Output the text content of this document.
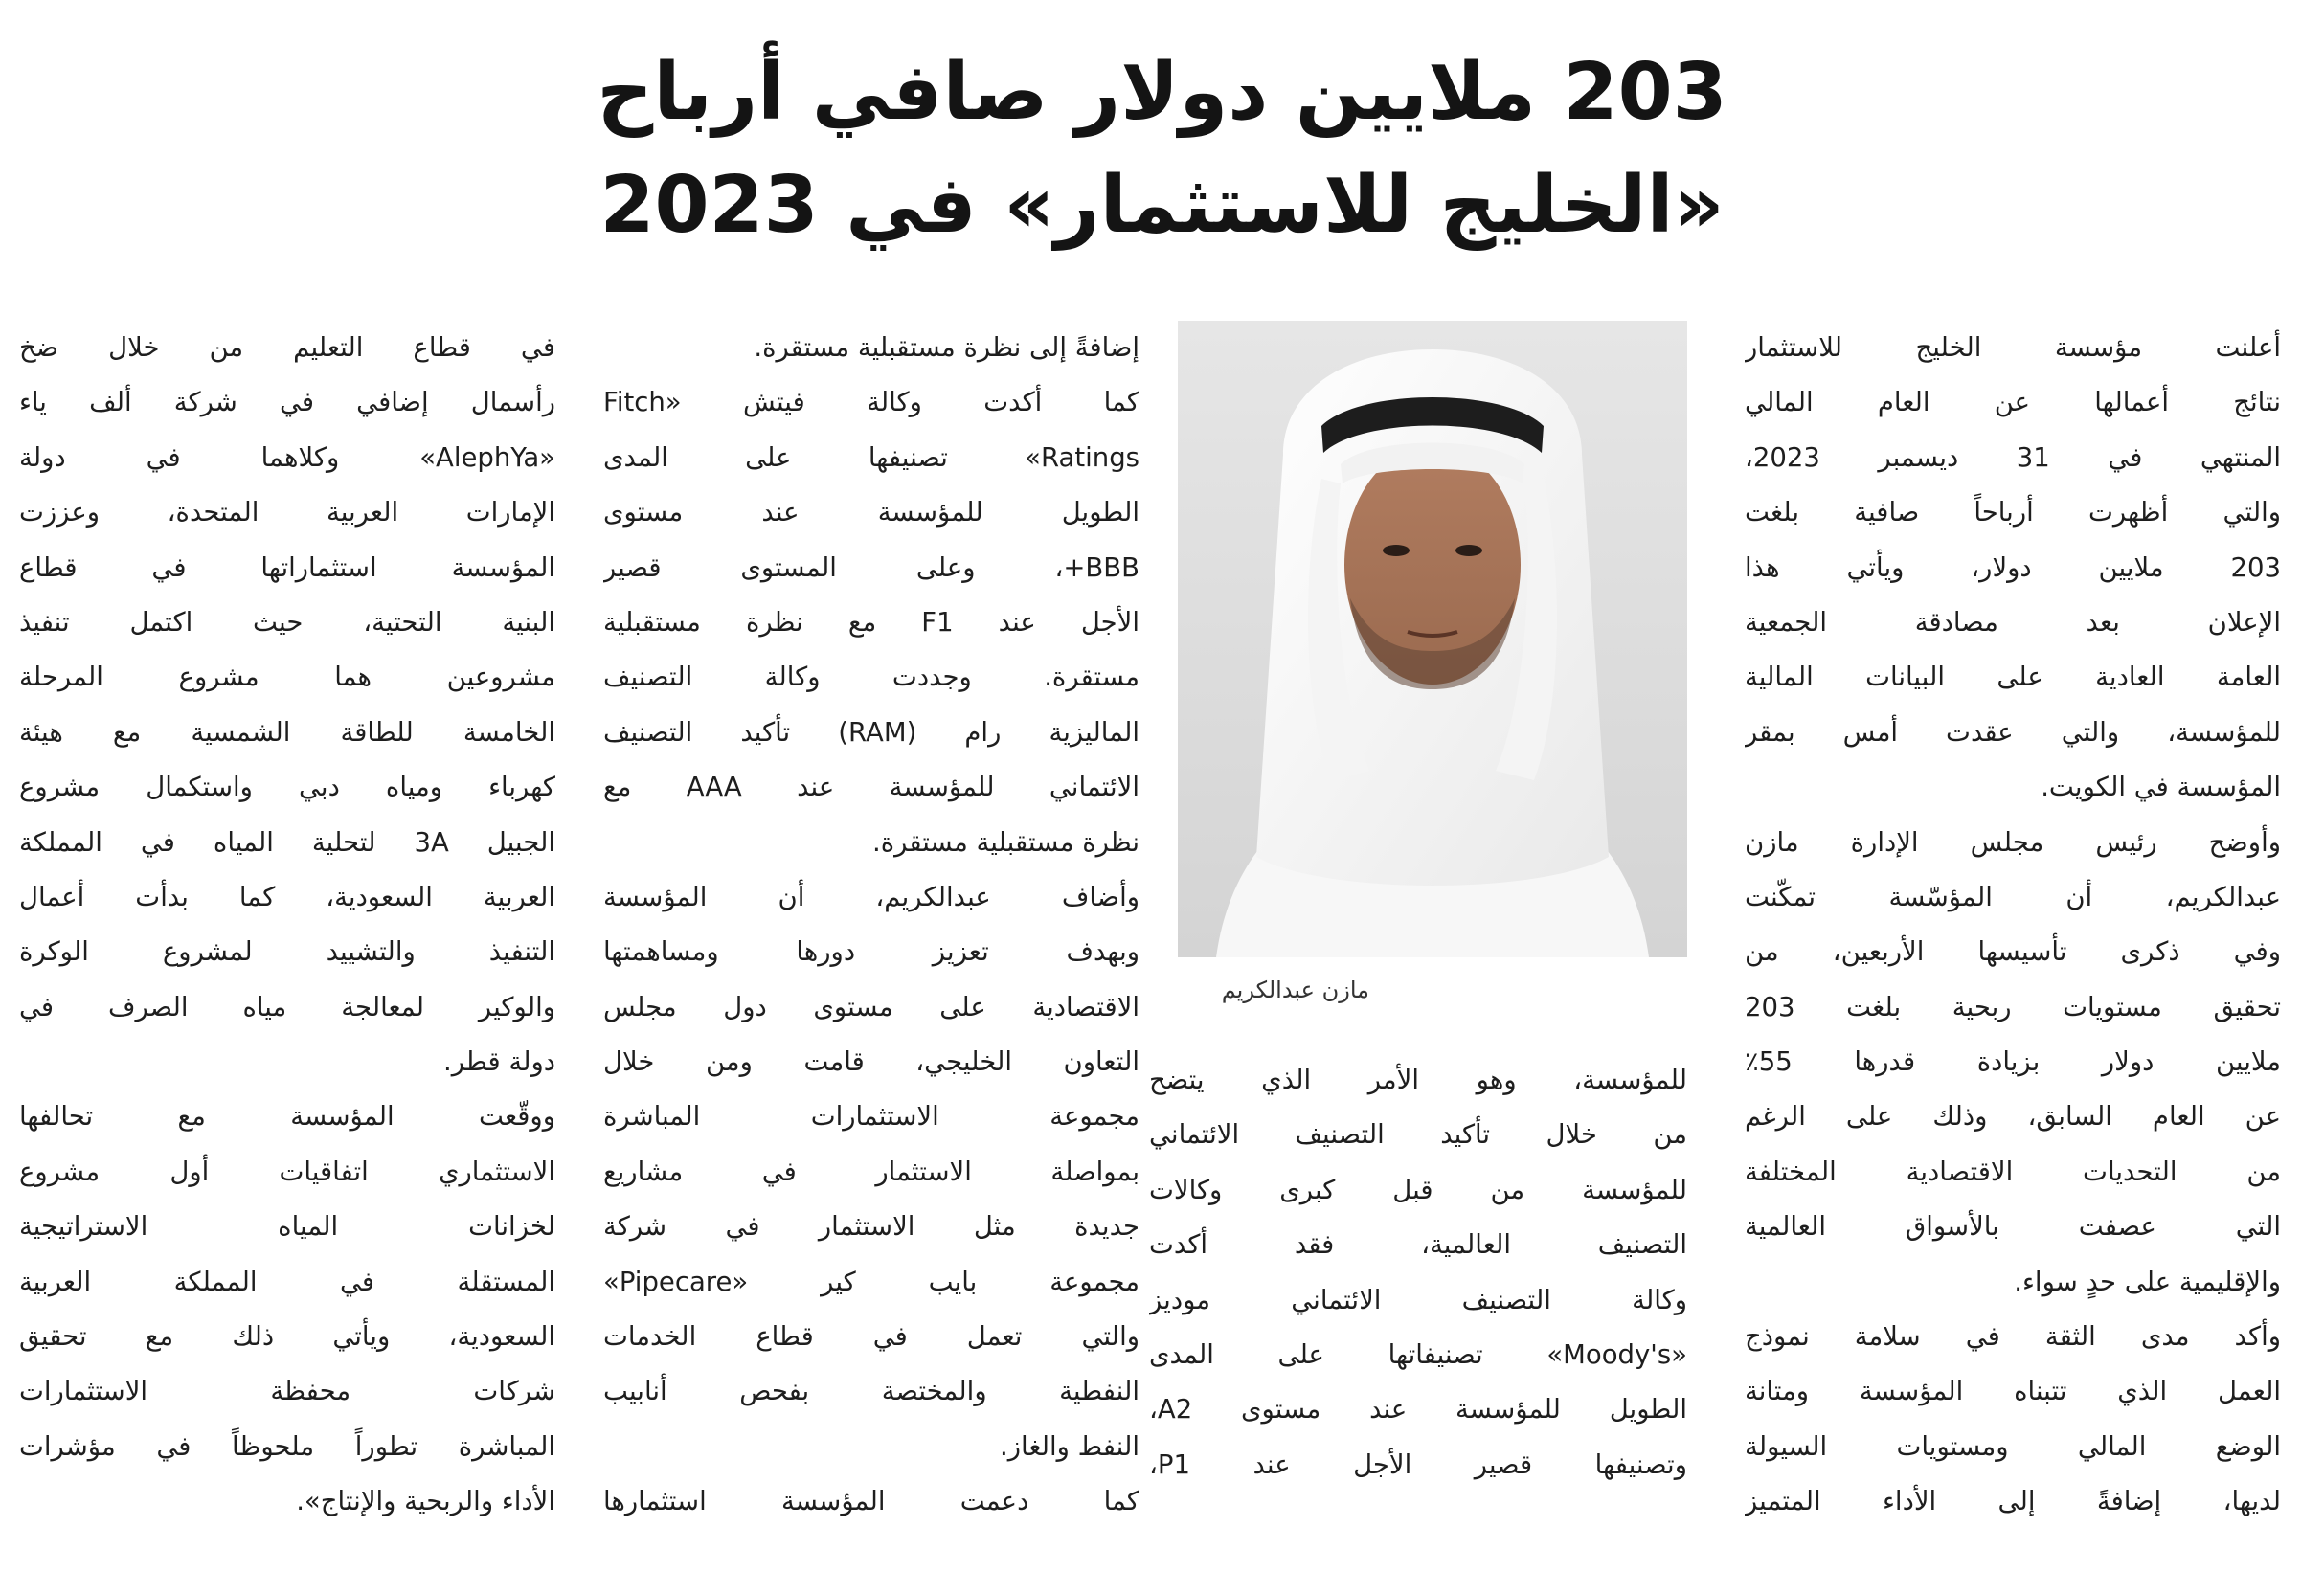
203 ملايين دولار صافي أرباح
«الخليج للاستثمار» في 2023
أعلنت مؤسسة الخليج للاستثمار
نتائج أعمالها عن العام المالي
المنتهي في 31 ديسمبر 2023،
والتي أظهرت أرباحاً صافية بلغت
203 ملايين دولار، ويأتي هذا
الإعلان بعد مصادقة الجمعية
العامة العادية على البيانات المالية
للمؤسسة، والتي عقدت أمس بمقر
المؤسسة في الكويت.
وأوضح رئيس مجلس الإدارة مازن
عبدالكريم، أن المؤسّسة تمكّنت
وفي ذكرى تأسيسها الأربعين، من
تحقيق مستويات ربحية بلغت 203
ملايين دولار بزيادة قدرها 55٪
عن العام السابق، وذلك على الرغم
من التحديات الاقتصادية المختلفة
التي عصفت بالأسواق العالمية
والإقليمية على حدٍ سواء.
وأكد مدى الثقة في سلامة نموذج
العمل الذي تتبناه المؤسسة ومتانة
الوضع المالي ومستويات السيولة
لديها، إضافةً إلى الأداء المتميز
مازن عبدالكريم
للمؤسسة، وهو الأمر الذي يتضح
من خلال تأكيد التصنيف الائتماني
للمؤسسة من قبل كبرى وكالات
التصنيف العالمية، فقد أكدت
وكالة التصنيف الائتماني موديز
«Moody's» تصنيفاتها على المدى
الطويل للمؤسسة عند مستوى A2،
وتصنيفها قصير الأجل عند P1،
إضافةً إلى نظرة مستقبلية مستقرة.
كما أكدت وكالة فيتش «Fitch
Ratings» تصنيفها على المدى
الطويل للمؤسسة عند مستوى
BBB+، وعلى المستوى قصير
الأجل عند F1 مع نظرة مستقبلية
مستقرة. وجددت وكالة التصنيف
الماليزية رام (RAM) تأكيد التصنيف
الائتماني للمؤسسة عند AAA مع
نظرة مستقبلية مستقرة.
وأضاف عبدالكريم، أن المؤسسة
وبهدف تعزيز دورها ومساهمتها
الاقتصادية على مستوى دول مجلس
التعاون الخليجي، قامت ومن خلال
مجموعة الاستثمارات المباشرة
بمواصلة الاستثمار في مشاريع
جديدة مثل الاستثمار في شركة
مجموعة بايب كير «Pipecare»
والتي تعمل في قطاع الخدمات
النفطية والمختصة بفحص أنابيب
النفط والغاز.
كما دعمت المؤسسة استثمارها
في قطاع التعليم من خلال ضخ
رأسمال إضافي في شركة ألف ياء
«AlephYa» وكلاهما في دولة
الإمارات العربية المتحدة، وعززت
المؤسسة استثماراتها في قطاع
البنية التحتية، حيث اكتمل تنفيذ
مشروعين هما مشروع المرحلة
الخامسة للطاقة الشمسية مع هيئة
كهرباء ومياه دبي واستكمال مشروع
الجبيل 3A لتحلية المياه في المملكة
العربية السعودية، كما بدأت أعمال
التنفيذ والتشييد لمشروع الوكرة
والوكير لمعالجة مياه الصرف في
دولة قطر.
ووقّعت المؤسسة مع تحالفها
الاستثماري اتفاقيات أول مشروع
لخزانات المياه الاستراتيجية
المستقلة في المملكة العربية
السعودية، ويأتي ذلك مع تحقيق
شركات محفظة الاستثمارات
المباشرة تطوراً ملحوظاً في مؤشرات
الأداء والربحية والإنتاج».
